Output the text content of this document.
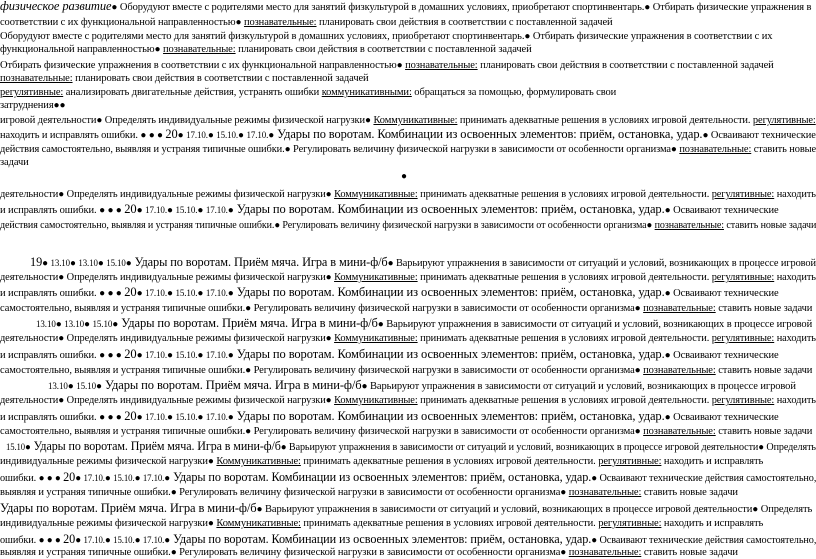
физическое развитие● Оборудуют вместе с родителями место для занятий физкультурой в домашних условиях, приобретают спортинвентарь.● Отбирать физические упражнения в
соответствии с их функциональной направленностью● познавательные: планировать свои действия в соответствии с поставленной задачей
Оборудуют вместе с родителями место для занятий физкультурой в домашних условиях, приобретают спортинвентарь.● Отбирать физические упражнения в соответствии с их
функциональной направленностью● познавательные: планировать свои действия в соответствии с поставленной задачей
Отбирать физические упражнения в соответствии с их функциональной направленностью● познавательные: планировать свои действия в соответствии с поставленной задачей
познавательные: планировать свои действия в соответствии с поставленной задачей
регулятивные: анализировать двигательные действия, устранять ошибки коммуникативными: обращаться за помощью, формулировать свои
затруднения●●
игровой деятельности● Определять индивидуальные режимы физической нагрузки● Коммуникативные: принимать адекватные решения в условиях игровой деятельности. регулятивные:
находить и исправлять ошибки. ● ● ● 20● 17.10.● 15.10.● 17.10.● Удары по воротам. Комбинации из освоенных элементов: приём, остановка, удар.● Осваивают технические
действия самостоятельно, выявляя и устраняя типичные ошибки.● Регулировать величину физической нагрузки в зависимости от особенности организма● познавательные: ставить новые
задачи
●
деятельности● Определять индивидуальные режимы физической нагрузки● Коммуникативные: принимать адекватные решения в условиях игровой деятельности. регулятивные: находить
и исправлять ошибки. ● ● ● 20● 17.10.● 15.10.● 17.10.● Удары по воротам. Комбинации из освоенных элементов: приём, остановка, удар.● Осваивают технические
действия самостоятельно, выявляя и устраняя типичные ошибки.● Регулировать величину физической нагрузки в зависимости от особенности организма● познавательные: ставить новые задачи
19● 13.10● 13.10● 15.10● Удары по воротам. Приём мяча. Игра в мини-ф/б● Варьируют упражнения в зависимости от ситуаций и условий, возникающих в процессе игровой
деятельности● Определять индивидуальные режимы физической нагрузки● Коммуникативные: принимать адекватные решения в условиях игровой деятельности. регулятивные: находить
и исправлять ошибки. ● ● ● 20● 17.10.● 15.10.● 17.10.● Удары по воротам. Комбинации из освоенных элементов: приём, остановка, удар.● Осваивают технические
самостоятельно, выявляя и устраняя типичные ошибки.● Регулировать величину физической нагрузки в зависимости от особенности организма● познавательные: ставить новые задачи
13.10● 13.10● 15.10● Удары по воротам. Приём мяча. Игра в мини-ф/б● Варьируют упражнения в зависимости от ситуаций и условий, возникающих в процессе игровой
деятельности● Определять индивидуальные режимы физической нагрузки● Коммуникативные: принимать адекватные решения в условиях игровой деятельности. регулятивные: находить
и исправлять ошибки. ● ● ● 20● 17.10.● 15.10.● 17.10.● Удары по воротам. Комбинации из освоенных элементов: приём, остановка, удар.● Осваивают технические
самостоятельно, выявляя и устраняя типичные ошибки.● Регулировать величину физической нагрузки в зависимости от особенности организма● познавательные: ставить новые задачи
13.10● 15.10● Удары по воротам. Приём мяча. Игра в мини-ф/б● Варьируют упражнения в зависимости от ситуаций и условий, возникающих в процессе игровой
деятельности● Определять индивидуальные режимы физической нагрузки● Коммуникативные: принимать адекватные решения в условиях игровой деятельности. регулятивные: находить
и исправлять ошибки. ● ● ● 20● 17.10.● 15.10.● 17.10.● Удары по воротам. Комбинации из освоенных элементов: приём, остановка, удар.● Осваивают технические
самостоятельно, выявляя и устраняя типичные ошибки.● Регулировать величину физической нагрузки в зависимости от особенности организма● познавательные: ставить новые задачи
15.10● Удары по воротам. Приём мяча. Игра в мини-ф/б● Варьируют упражнения в зависимости от ситуаций и условий, возникающих в процессе игровой деятельности● Определять
индивидуальные режимы физической нагрузки● Коммуникативные: принимать адекватные решения в условиях игровой деятельности. регулятивные: находить и исправлять
ошибки. ● ● ● 20● 17.10.● 15.10.● 17.10.● Удары по воротам. Комбинации из освоенных элементов: приём, остановка, удар.● Осваивают технические действия самостоятельно,
выявляя и устраняя типичные ошибки.● Регулировать величину физической нагрузки в зависимости от особенности организма● познавательные: ставить новые задачи
Удары по воротам. Приём мяча. Игра в мини-ф/б● Варьируют упражнения в зависимости от ситуаций и условий, возникающих в процессе игровой деятельности● Определять
индивидуальные режимы физической нагрузки● Коммуникативные: принимать адекватные решения в условиях игровой деятельности. регулятивные: находить и исправлять
ошибки. ● ● ● 20● 17.10.● 15.10.● 17.10.● Удары по воротам. Комбинации из освоенных элементов: приём, остановка, удар.● Осваивают технические действия самостоятельно,
выявляя и устраняя типичные ошибки.● Регулировать величину физической нагрузки в зависимости от особенности организма● познавательные: ставить новые задачи
